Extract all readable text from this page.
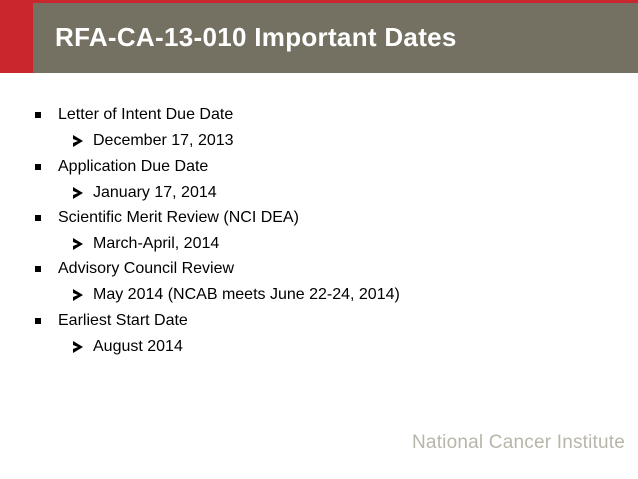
RFA-CA-13-010 Important Dates
Letter of Intent Due Date
December 17, 2013
Application Due Date
January 17, 2014
Scientific Merit Review (NCI DEA)
March-April, 2014
Advisory Council Review
May 2014 (NCAB meets June 22-24, 2014)
Earliest Start Date
August 2014
National Cancer Institute
